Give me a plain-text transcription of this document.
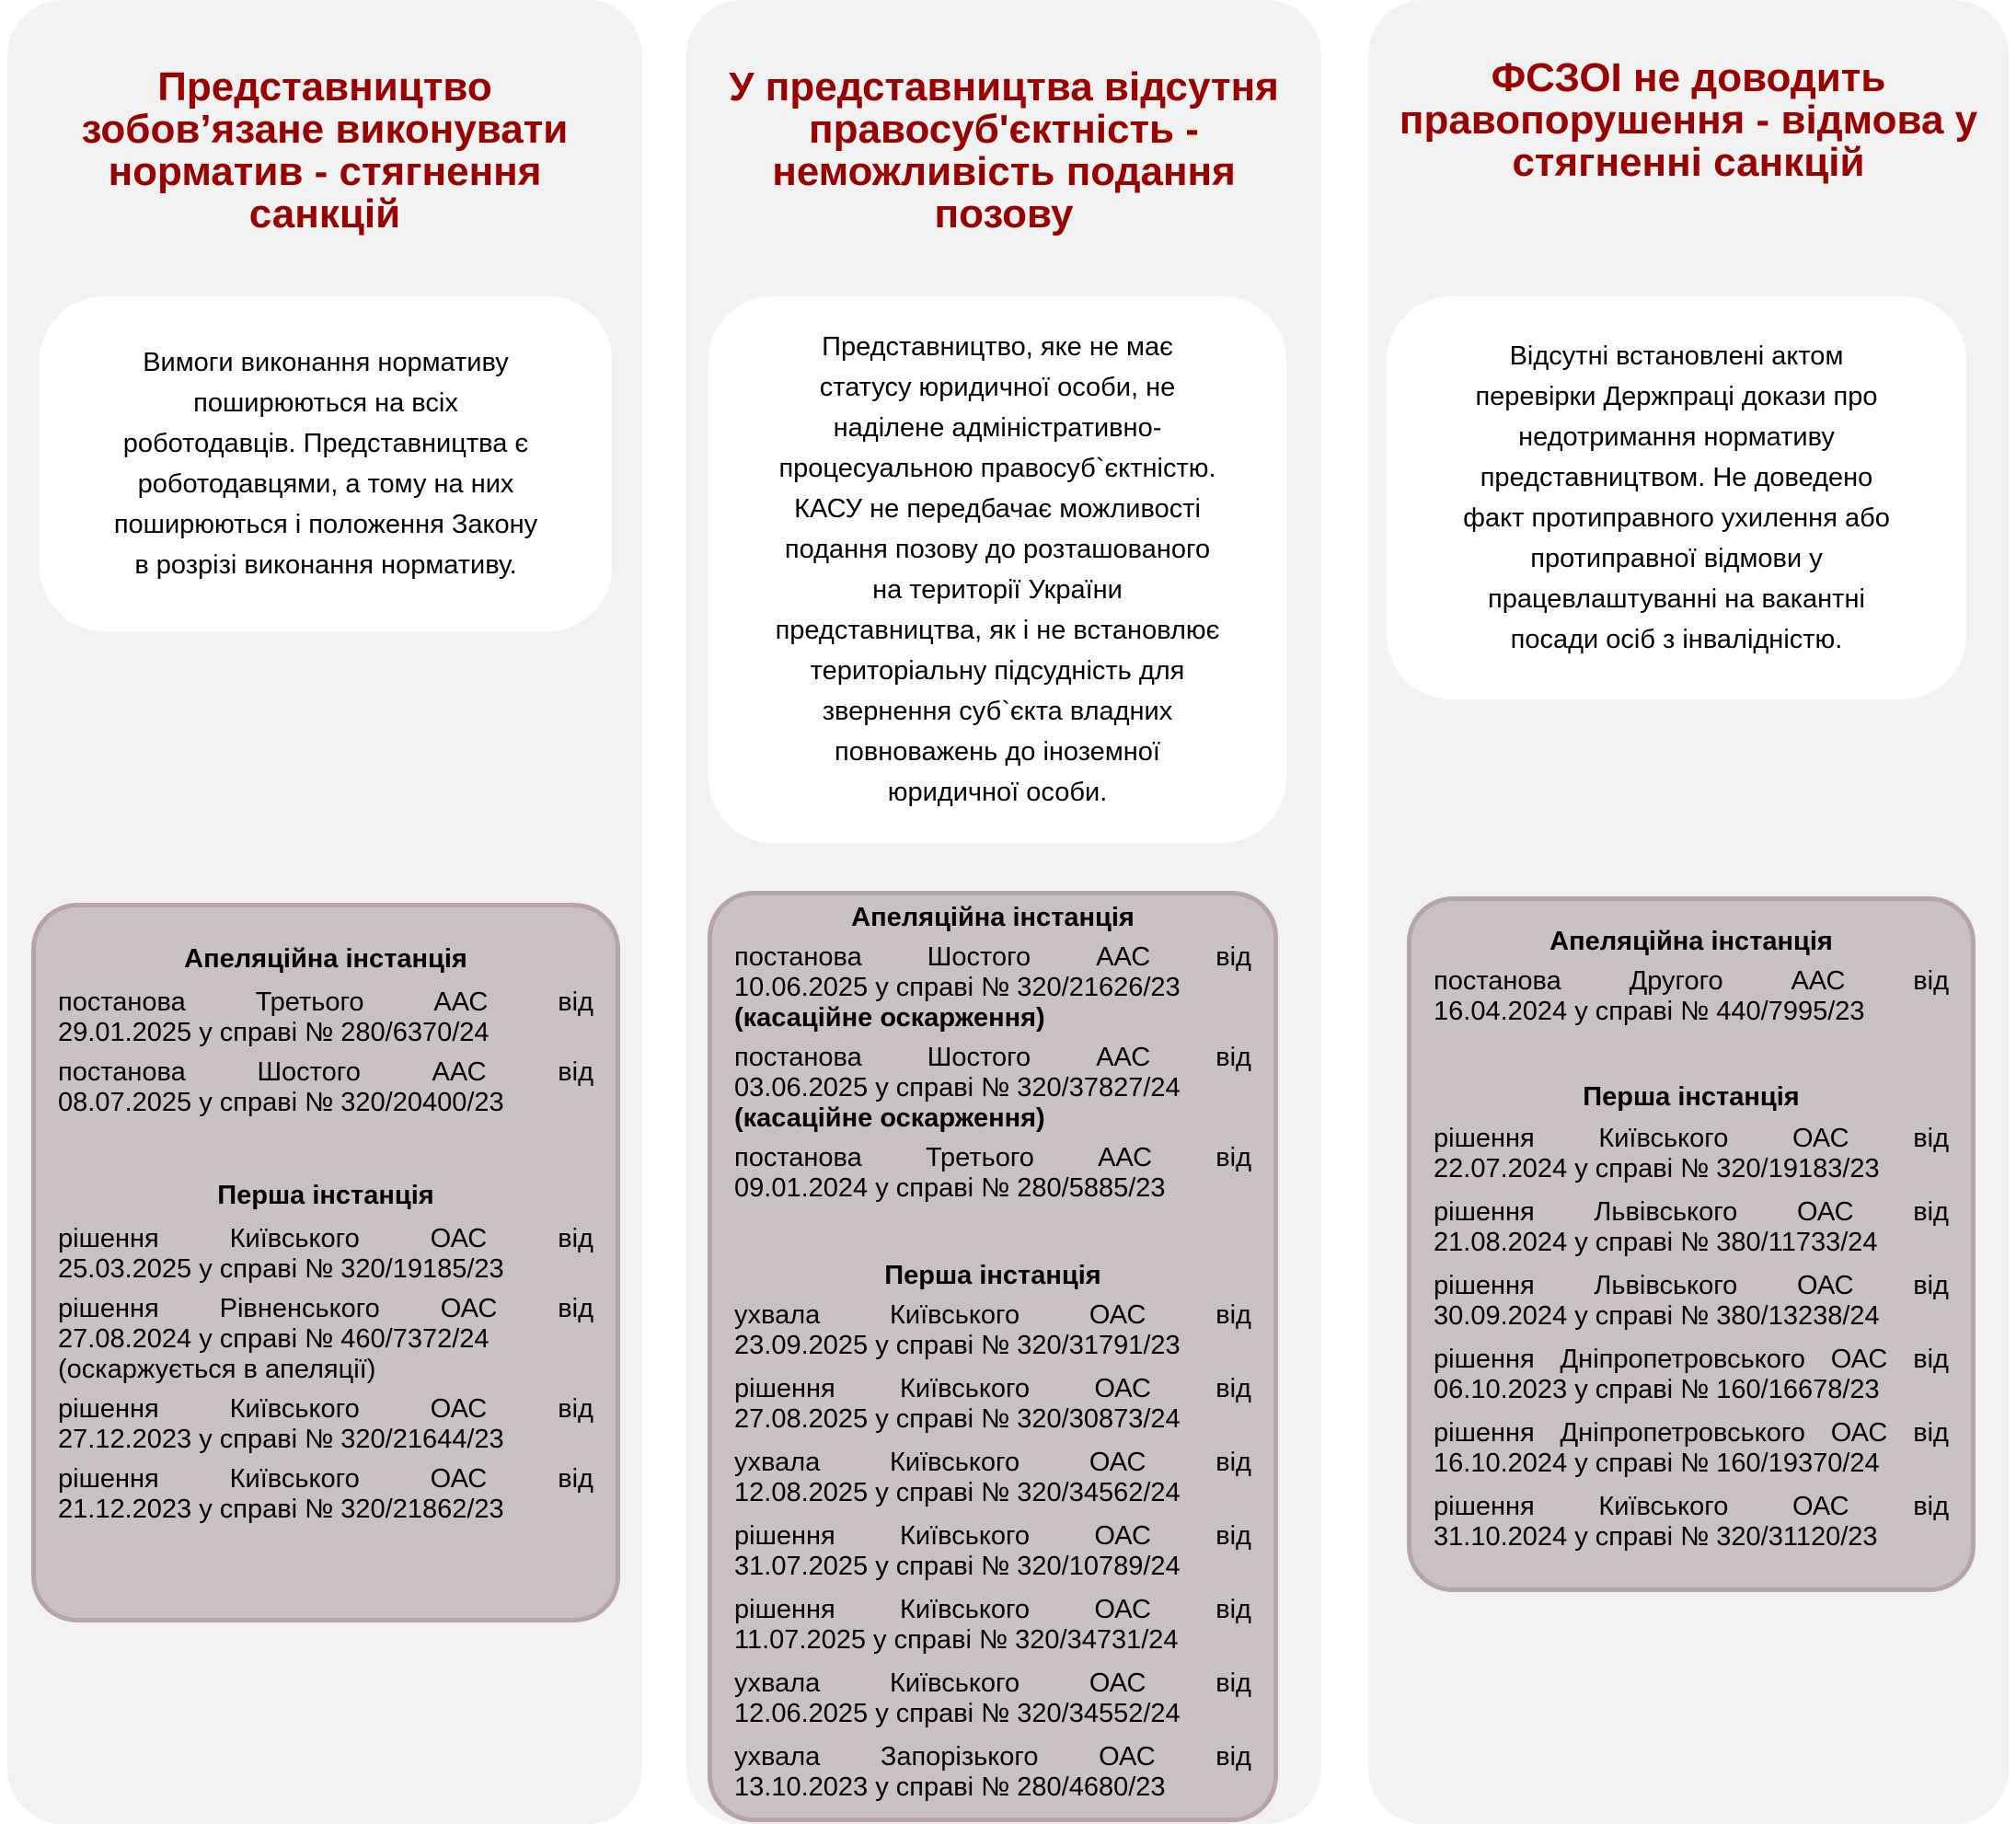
Представництво
зобов’язане виконувати
норматив - стягнення
санкцій

Вимоги виконання нормативу
поширюються на всіх
роботодавців. Представництва є
роботодавцями, а тому на них
поширюються і положення Закону
в розрізі виконання нормативу.

Апеляційна інстанція

постанова	Третього	ААС	від
29.01.2025 у справі № 280/6370/24
постанова	Шостого	ААС	від
08.07.2025 у справі № 320/20400/23

Перша інстанція

рішення	Київського	ОАС	від
25.03.2025 у справі № 320/19185/23
рішення Рівненського ОАС від
27.08.2024 у справі № 460/7372/24
(оскаржується в апеляції)
рішення	Київського	ОАС	від
27.12.2023 у справі № 320/21644/23
рішення	Київського	ОАС	від
21.12.2023 у справі № 320/21862/23
У представництва відсутня
правосуб'єктність -
неможливість подання
позову

Представництво, яке не має
статусу юридичної особи, не
наділене адміністративно-
процесуальною правосуб`єктністю.
КАСУ не передбачає можливості
подання позову до розташованого
на території України
представництва, як і не встановлює
територіальну підсудність для
звернення суб`єкта владних
повноважень до іноземної
юридичної особи.

Апеляційна інстанція

постанова Шостого ААС від
10.06.2025 у справі № 320/21626/23
(касаційне оскарження)
постанова Шостого ААС від
03.06.2025 у справі № 320/37827/24
(касаційне оскарження)
постанова Третього ААС від
09.01.2024 у справі № 280/5885/23

Перша інстанція

ухвала	Київського	ОАС	від
23.09.2025 у справі № 320/31791/23
рішення Київського ОАС від
27.08.2025 у справі № 320/30873/24
ухвала	Київського	ОАС	від
12.08.2025 у справі № 320/34562/24
рішення Київського ОАС від
31.07.2025 у справі № 320/10789/24
рішення Київського ОАС від
11.07.2025 у справі № 320/34731/24
ухвала	Київського	ОАС	від
12.06.2025 у справі № 320/34552/24
ухвала Запорізького ОАС від
13.10.2023 у справі № 280/4680/23
ФСЗОІ не доводить
правопорушення - відмова у
стягненні санкцій

Відсутні встановлені актом
перевірки Держпраці докази про
недотримання нормативу
представництвом. Не доведено
факт протиправного ухилення або
протиправної відмови у
працевлаштуванні на вакантні
посади осіб з інвалідністю.

Апеляційна інстанція

постанова	Другого	ААС	від
16.04.2024 у справі № 440/7995/23

Перша інстанція

рішення Київського ОАС від
22.07.2024 у справі № 320/19183/23
рішення Львівського ОАС від
21.08.2024 у справі № 380/11733/24
рішення Львівського ОАС від
30.09.2024 у справі № 380/13238/24
рішення Дніпропетровського ОАС від
06.10.2023 у справі № 160/16678/23
рішення Дніпропетровського ОАС від
16.10.2024 у справі № 160/19370/24
рішення Київського ОАС від
31.10.2024 у справі № 320/31120/23
